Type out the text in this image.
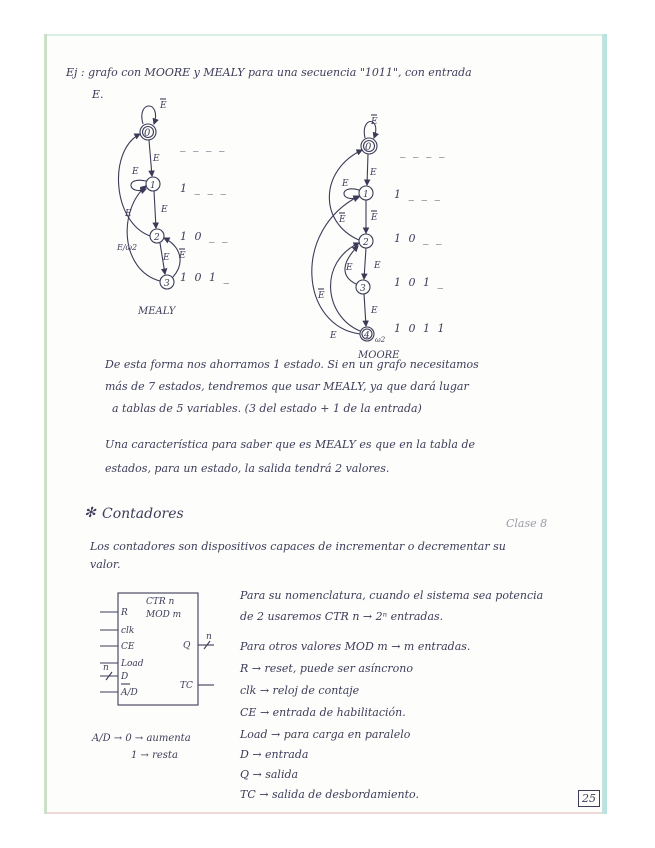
Ej : grafo con MOORE y MEALY para una secuencia "1011", con entrada
E.
0
1
2
3
E
E
E
E
E
E
E/ω2
E
0
1
2
3
4 ω2
E
E
E
E	E
E E
E
E
E
_ _ _ _
1 _ _ _
1 0 _ _
1 0 1 _
MEALY
_ _ _ _
1 _ _ _
1 0 _ _
1 0 1 _
1 0 1 1
MOORE
De esta forma nos ahorramos 1 estado. Si en un grafo necesitamos
más de 7 estados, tendremos que usar MEALY, ya que dará lugar
a tablas de 5 variables. (3 del estado + 1 de la entrada)
Una característica para saber que es MEALY es que en la tabla de
estados, para un estado, la salida tendrá 2 valores.
✻ Contadores
Clase 8
Los contadores son dispositivos capaces de incrementar o decrementar su
valor.
CTR n
MOD m
R
clk
CE
Load
D
A/D
Q
TC
n
n
A/D → 0 → aumenta
1 → resta
Para su nomenclatura, cuando el sistema sea potencia
de 2 usaremos CTR n → 2ⁿ entradas.
Para otros valores MOD m → m entradas.
R → reset, puede ser asíncrono
clk → reloj de contaje
CE → entrada de habilitación.
Load → para carga en paralelo
D → entrada
Q → salida
TC → salida de desbordamiento.	25
